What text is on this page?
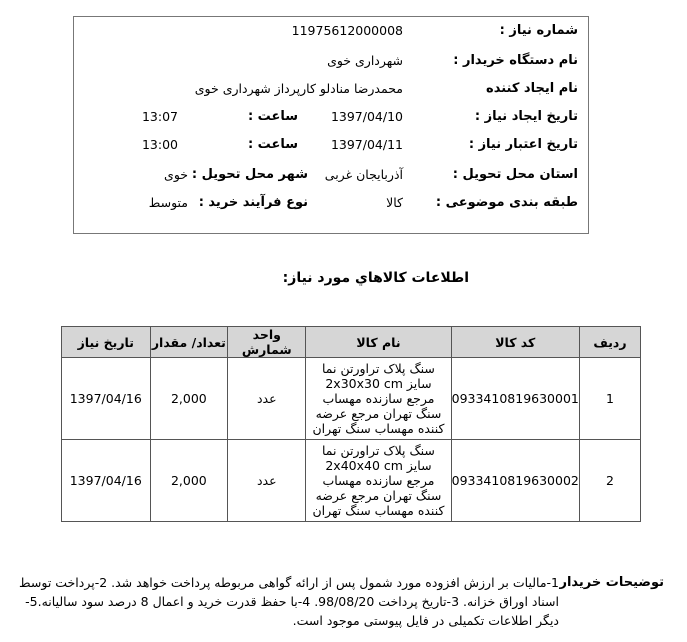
شماره نیاز :
11975612000008
نام دستگاه خریدار :
شهرداری خوی
نام ایجاد کننده
محمدرضا منادلو کارپرداز شهرداری خوی
تاریخ ایجاد نیاز :
1397/04/10
ساعت :
13:07
تاریخ اعتبار نیاز :
1397/04/11
ساعت :
13:00
استان محل تحویل :
آذربایجان غربی
شهر محل تحویل :
خوی
طبقه بندی موضوعی :
کالا
نوع فرآیند خرید :
متوسط
اطلاعات كالاهاي مورد نياز:
ردیف	کد کالا	نام کالا	واحد شمارش	تعداد/ مقدار	تاریخ نیاز
1	0933410819630001	سنگ پلاک تراورتن نما سایز 2x30x30 cm مرجع سازنده مهساب سنگ تهران مرجع عرضه کننده مهساب سنگ تهران	عدد	2,000	1397/04/16
2	0933410819630002	سنگ پلاک تراورتن نما سایز 2x40x40 cm مرجع سازنده مهساب سنگ تهران مرجع عرضه کننده مهساب سنگ تهران	عدد	2,000	1397/04/16
توضیحات خریدار
1-مالیات بر ارزش افزوده مورد شمول پس از ارائه گواهی مربوطه پرداخت خواهد شد. 2-پرداخت توسط اسناد اوراق خزانه. 3-تاریخ پرداخت 98/08/20. 4-با حفظ قدرت خرید و اعمال 8 درصد سود سالیانه.5-دیگر اطلاعات تکمیلی در فایل پیوستی موجود است.
